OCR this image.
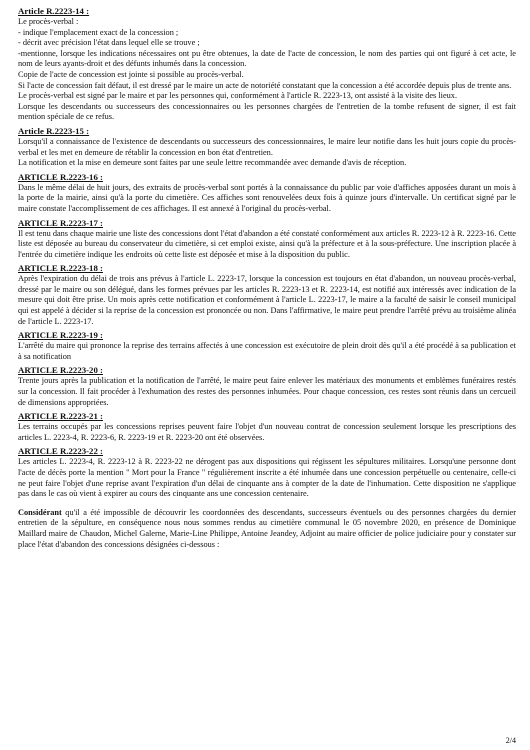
Article R.2223-14 :
Le procès-verbal :
- indique l'emplacement exact de la concession ;
- décrit avec précision l'état dans lequel elle se trouve ;
-mentionne, lorsque les indications nécessaires ont pu être obtenues, la date de l'acte de concession, le nom des parties qui ont figuré à cet acte, le nom de leurs ayants-droit et des défunts inhumés dans la concession.
Copie de l'acte de concession est jointe si possible au procès-verbal.
Si l'acte de concession fait défaut, il est dressé par le maire un acte de notoriété constatant que la concession a été accordée depuis plus de trente ans.
Le procès-verbal est signé par le maire et par les personnes qui, conformément à l'article R. 2223-13, ont assisté à la visite des lieux.
Lorsque les descendants ou successeurs des concessionnaires ou les personnes chargées de l'entretien de la tombe refusent de signer, il est fait mention spéciale de ce refus.
Article R.2223-15 :
Lorsqu'il a connaissance de l'existence de descendants ou successeurs des concessionnaires, le maire leur notifie dans les huit jours copie du procès-verbal et les met en demeure de rétablir la concession en bon état d'entretien.
La notification et la mise en demeure sont faites par une seule lettre recommandée avec demande d'avis de réception.
ARTICLE R.2223-16 :
Dans le même délai de huit jours, des extraits de procès-verbal sont portés à la connaissance du public par voie d'affiches apposées durant un mois à la porte de la mairie, ainsi qu'à la porte du cimetière. Ces affiches sont renouvelées deux fois à quinze jours d'intervalle. Un certificat signé par le maire constate l'accomplissement de ces affichages. Il est annexé à l'original du procès-verbal.
ARTICLE R.2223-17 :
Il est tenu dans chaque mairie une liste des concessions dont l'état d'abandon a été constaté conformément aux articles R. 2223-12 à R. 2223-16. Cette liste est déposée au bureau du conservateur du cimetière, si cet emploi existe, ainsi qu'à la préfecture et à la sous-préfecture. Une inscription placée à l'entrée du cimetière indique les endroits où cette liste est déposée et mise à la disposition du public.
ARTICLE R.2223-18 :
Après l'expiration du délai de trois ans prévus à l'article L. 2223-17, lorsque la concession est toujours en état d'abandon, un nouveau procès-verbal, dressé par le maire ou son délégué, dans les formes prévues par les articles R. 2223-13 et R. 2223-14, est notifié aux intéressés avec indication de la mesure qui doit être prise. Un mois après cette notification et conformément à l'article L. 2223-17, le maire a la faculté de saisir le conseil municipal qui est appelé à décider si la reprise de la concession est prononcée ou non. Dans l'affirmative, le maire peut prendre l'arrêté prévu au troisième alinéa de l'article L. 2223-17.
ARTICLE R.2223-19 :
L'arrêté du maire qui prononce la reprise des terrains affectés à une concession est exécutoire de plein droit dès qu'il a été procédé à sa publication et à sa notification
ARTICLE R.2223-20 :
Trente jours après la publication et la notification de l'arrêté, le maire peut faire enlever les matériaux des monuments et emblèmes funéraires restés sur la concession. Il fait procéder à l'exhumation des restes des personnes inhumées. Pour chaque concession, ces restes sont réunis dans un cercueil de dimensions appropriées.
ARTICLE R.2223-21 :
Les terrains occupés par les concessions reprises peuvent faire l'objet d'un nouveau contrat de concession seulement lorsque les prescriptions des articles L. 2223-4, R. 2223-6, R. 2223-19 et R. 2223-20 ont été observées.
ARTICLE R.2223-22 :
Les articles L. 2223-4, R. 2223-12 à R. 2223-22 ne dérogent pas aux dispositions qui régissent les sépultures militaires. Lorsqu'une personne dont l'acte de décès porte la mention " Mort pour la France " régulièrement inscrite a été inhumée dans une concession perpétuelle ou centenaire, celle-ci ne peut faire l'objet d'une reprise avant l'expiration d'un délai de cinquante ans à compter de la date de l'inhumation. Cette disposition ne s'applique pas dans le cas où vient à expirer au cours des cinquante ans une concession centenaire.
Considérant qu'il a été impossible de découvrir les coordonnées des descendants, successeurs éventuels ou des personnes chargées du dernier entretien de la sépulture, en conséquence nous nous sommes rendus au cimetière communal le 05 novembre 2020, en présence de Dominique Maillard maire de Chaudon, Michel Galerne, Marie-Line Philippe, Antoine Jeandey, Adjoint au maire officier de police judiciaire pour y constater sur place l'état d'abandon des concessions désignées ci-dessous :
2/4
